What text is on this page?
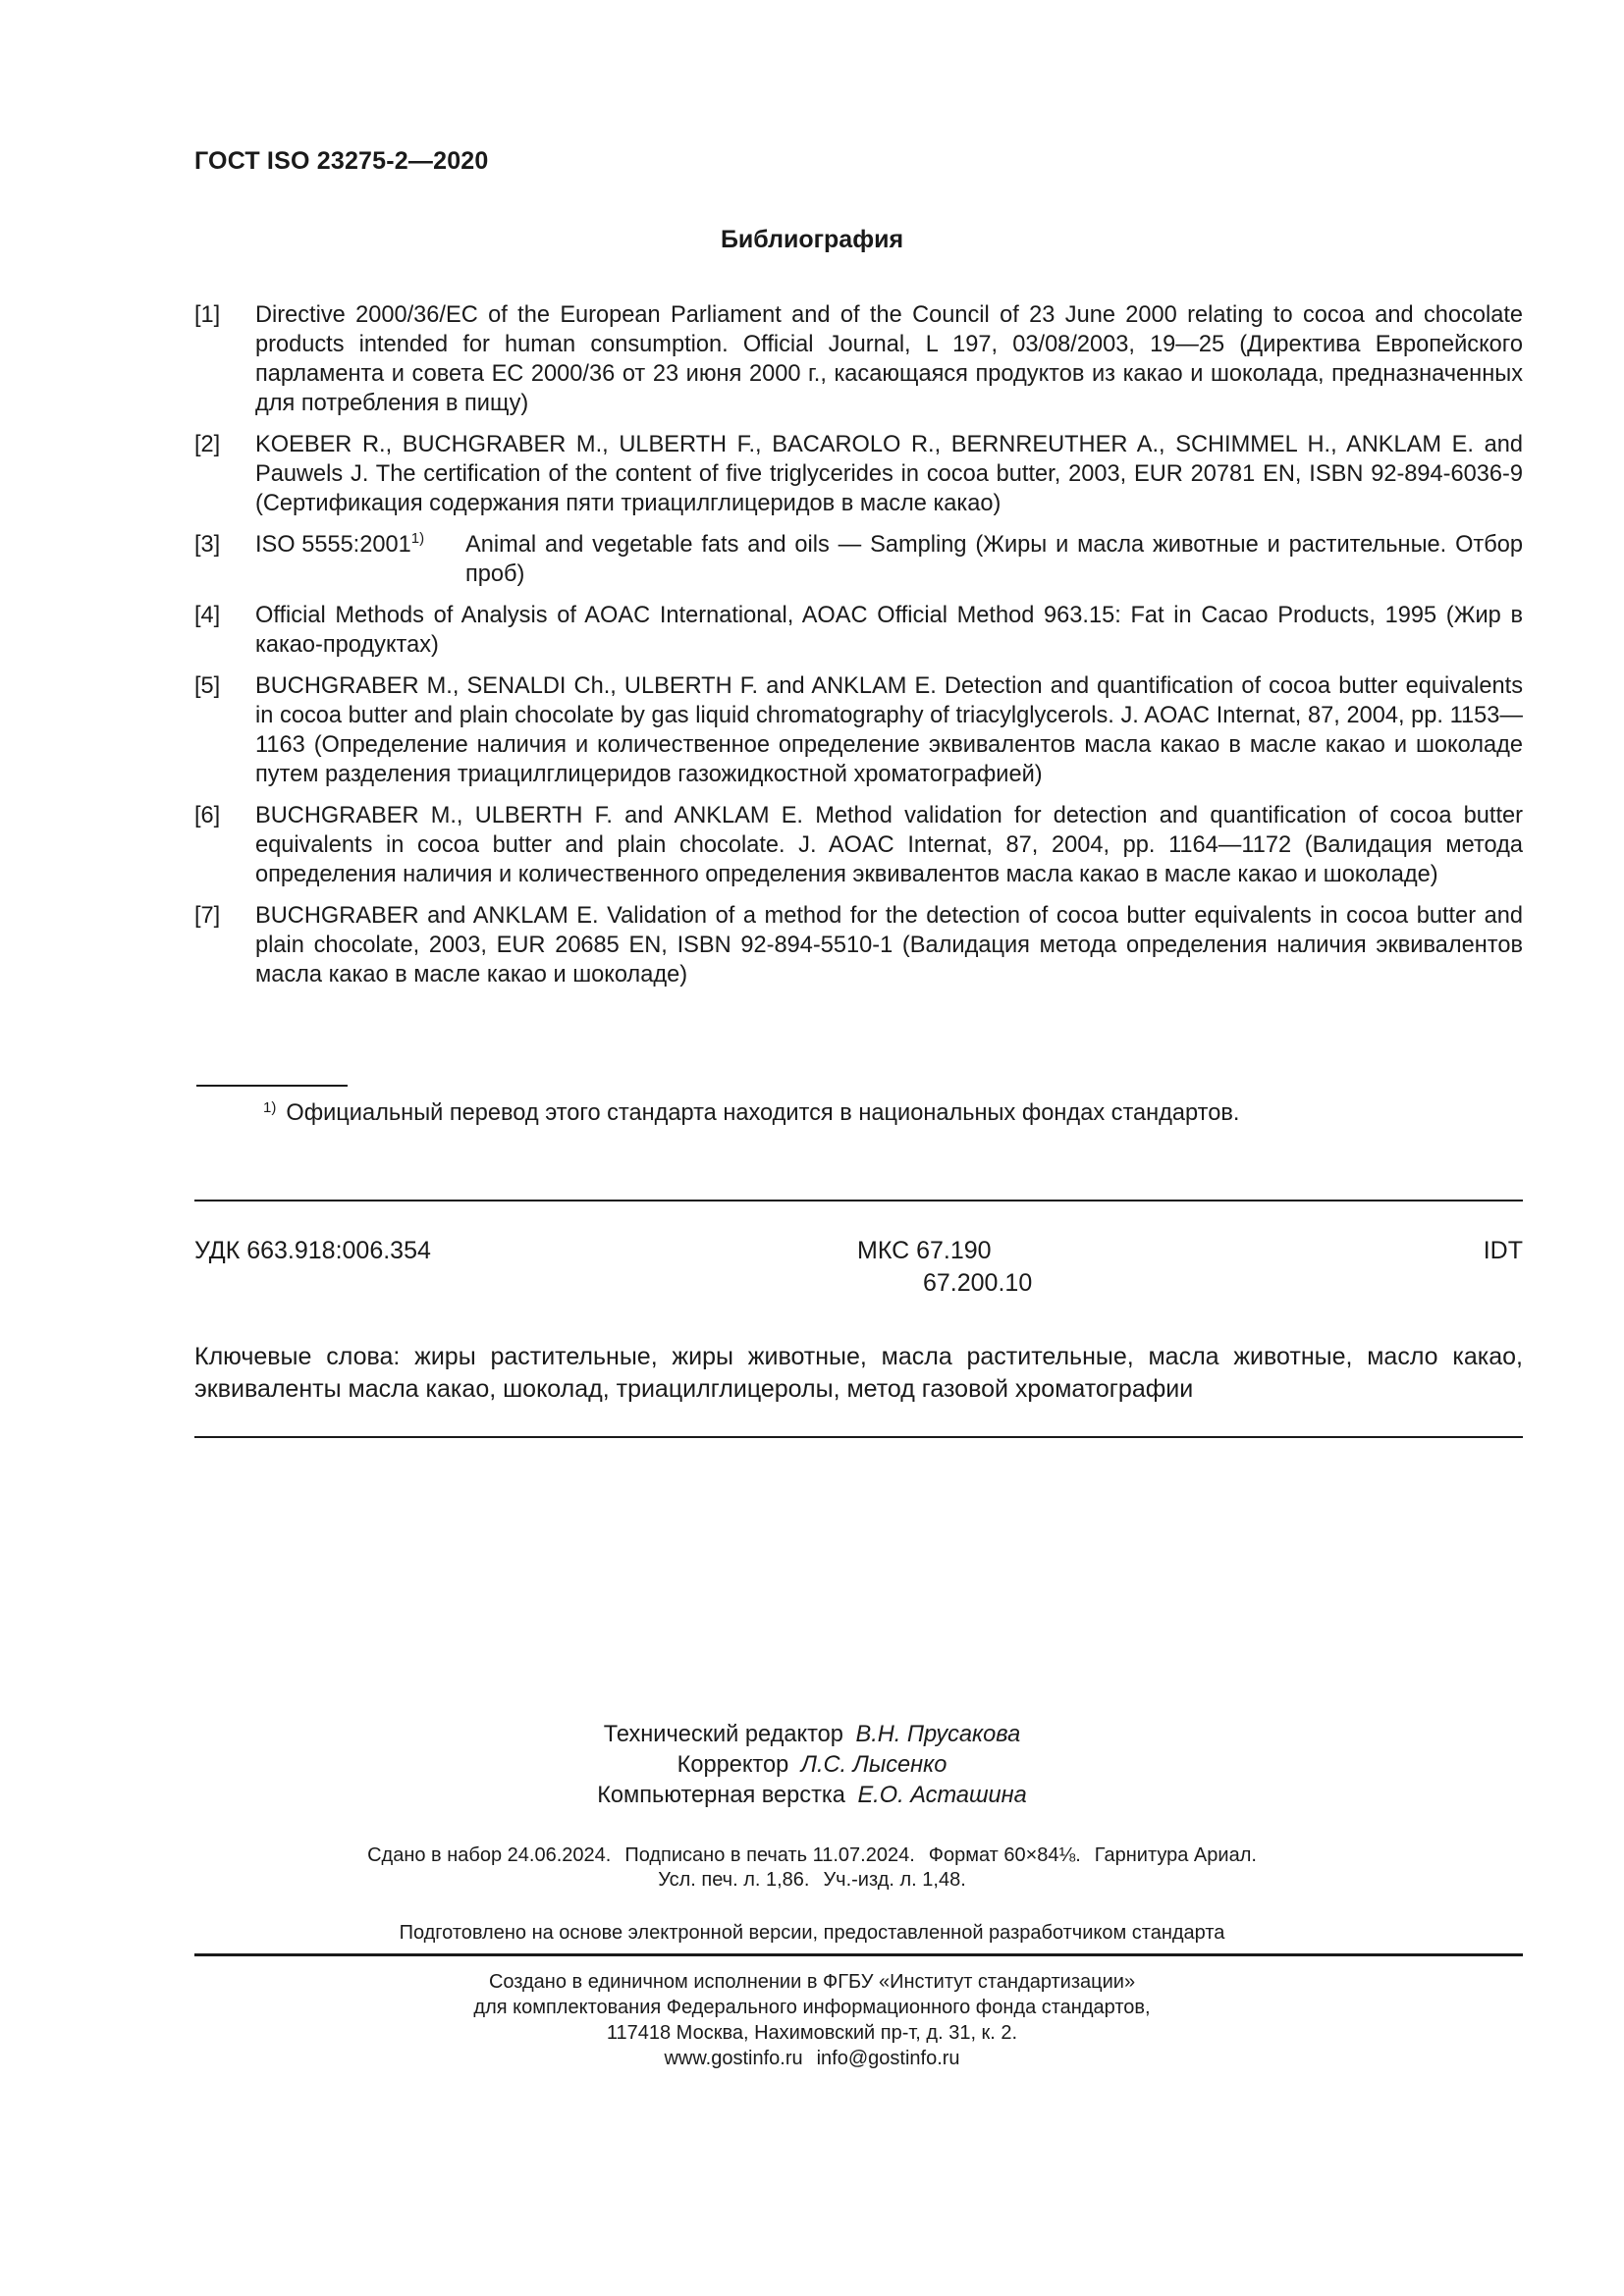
ГОСТ ISO 23275-2—2020
Библиография
[1]	Directive 2000/36/EC of the European Parliament and of the Council of 23 June 2000 relating to cocoa and chocolate products intended for human consumption. Official Journal, L 197, 03/08/2003, 19—25 (Директива Европейского парламента и совета ЕС 2000/36 от 23 июня 2000 г., касающаяся продуктов из какао и шоколада, предназначенных для потребления в пищу)
[2]	KOEBER R., BUCHGRABER M., ULBERTH F., BACAROLO R., BERNREUTHER A., SCHIMMEL H., ANKLAM E. and Pauwels J. The certification of the content of five triglycerides in cocoa butter, 2003, EUR 20781 EN, ISBN 92-894-6036-9 (Сертификация содержания пяти триацилглицеридов в масле какао)
[3]	ISO 5555:2001$^{1)}$	Animal and vegetable fats and oils — Sampling (Жиры и масла животные и растительные. Отбор проб)
[4]	Official Methods of Analysis of AOAC International, AOAC Official Method 963.15: Fat in Cacao Products, 1995 (Жир в какао-продуктах)
[5]	BUCHGRABER M., SENALDI Ch., ULBERTH F. and ANKLAM E. Detection and quantification of cocoa butter equivalents in cocoa butter and plain chocolate by gas liquid chromatography of triacylglycerols. J. AOAC Internat, 87, 2004, pp. 1153—1163 (Определение наличия и количественное определение эквивалентов масла какао в масле какао и шоколаде путем разделения триацилглицеридов газожидкостной хроматографией)
[6]	BUCHGRABER M., ULBERTH F. and ANKLAM E. Method validation for detection and quantification of cocoa butter equivalents in cocoa butter and plain chocolate. J. AOAC Internat, 87, 2004, pp. 1164—1172 (Валидация метода определения наличия и количественного определения эквивалентов масла какао в масле какао и шоколаде)
[7]	BUCHGRABER and ANKLAM E. Validation of a method for the detection of cocoa butter equivalents in cocoa butter and plain chocolate, 2003, EUR 20685 EN, ISBN 92-894-5510-1 (Валидация метода определения наличия эквивалентов масла какао в масле какао и шоколаде)
$^{1)}$ Официальный перевод этого стандарта находится в национальных фондах стандартов.
УДК 663.918:006.354	МКС 67.190
67.200.10
IDT
Ключевые слова: жиры растительные, жиры животные, масла растительные, масла животные, масло какао, эквиваленты масла какао, шоколад, триацилглицеролы, метод газовой хроматографии
Технический редактор В.Н. Прусакова
Корректор Л.С. Лысенко
Компьютерная верстка Е.О. Асташина
Сдано в набор 24.06.2024. Подписано в печать 11.07.2024. Формат 60×84⅛. Гарнитура Ариал.
Усл. печ. л. 1,86. Уч.-изд. л. 1,48.
Подготовлено на основе электронной версии, предоставленной разработчиком стандарта
Создано в единичном исполнении в ФГБУ «Институт стандартизации»
для комплектования Федерального информационного фонда стандартов,
117418 Москва, Нахимовский пр-т, д. 31, к. 2.
www.gostinfo.ru info@gostinfo.ru
